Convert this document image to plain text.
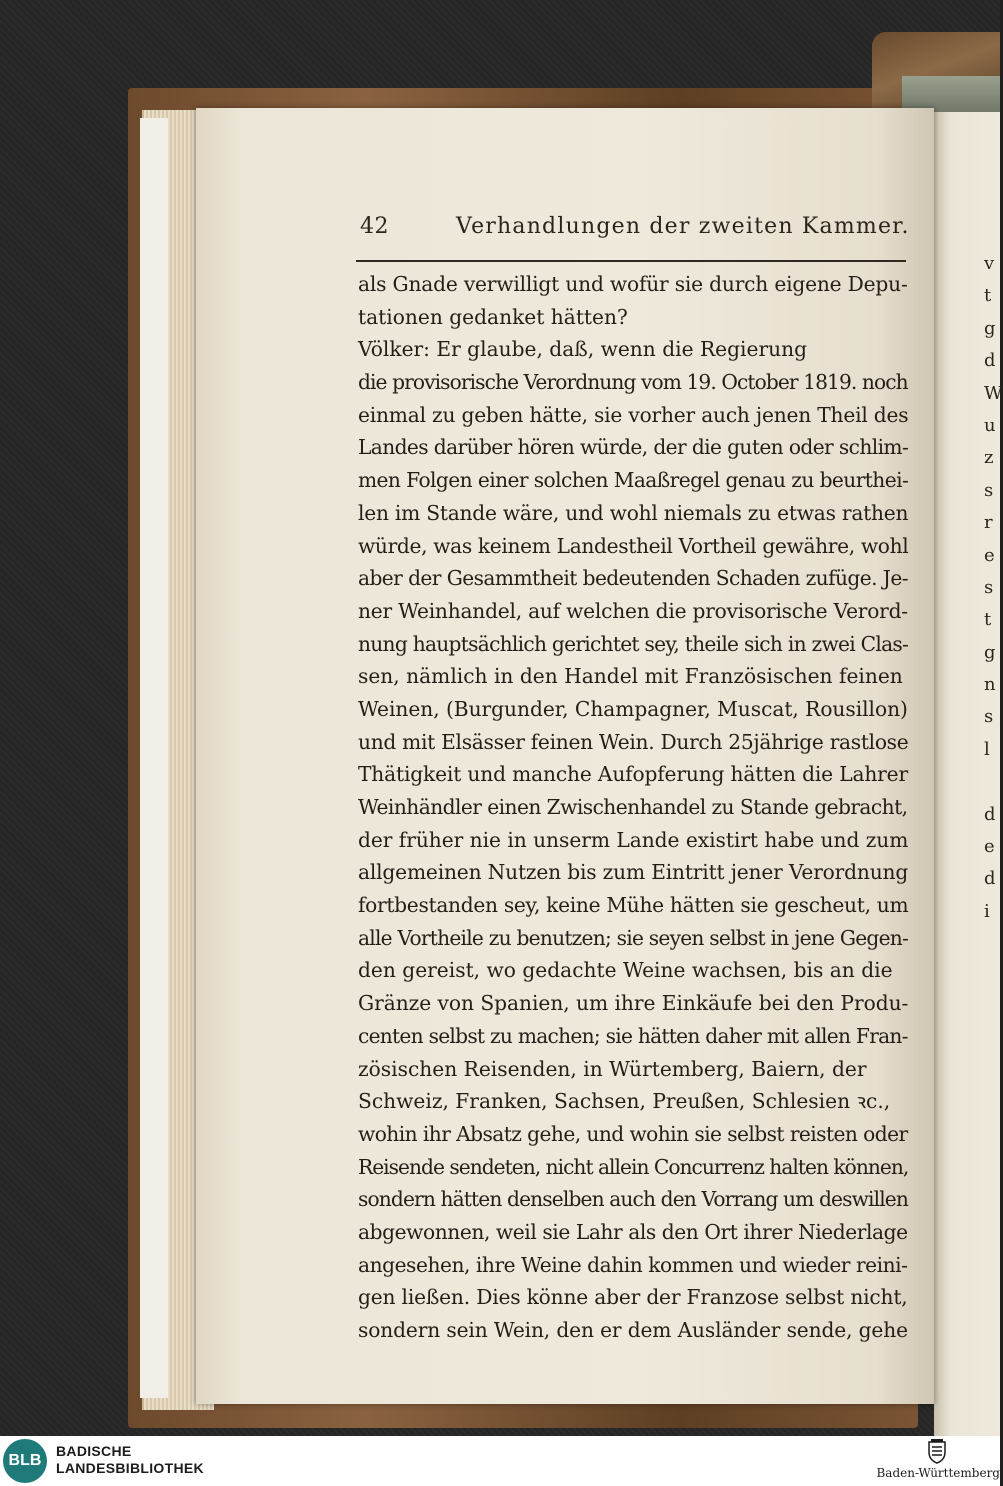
v
t
g
d
W
u
z
s
r
e
s
t
g
n
s
l
d
e
d
i
42	Verhandlungen der zweiten Kammer.
als Gnade verwilligt und wofür sie durch eigene Depu-
tationen gedanket hätten?
Völker: Er glaube, daß, wenn die Regierung
die provisorische Verordnung vom 19. October 1819. noch
einmal zu geben hätte, sie vorher auch jenen Theil des
Landes darüber hören würde, der die guten oder schlim-
men Folgen einer solchen Maaßregel genau zu beurthei-
len im Stande wäre, und wohl niemals zu etwas rathen
würde, was keinem Landestheil Vortheil gewähre, wohl
aber der Gesammtheit bedeutenden Schaden zufüge. Je-
ner Weinhandel, auf welchen die provisorische Verord-
nung hauptsächlich gerichtet sey, theile sich in zwei Clas-
sen, nämlich in den Handel mit Französischen feinen
Weinen, (Burgunder, Champagner, Muscat, Rousillon)
und mit Elsässer feinen Wein. Durch 25jährige rastlose
Thätigkeit und manche Aufopferung hätten die Lahrer
Weinhändler einen Zwischenhandel zu Stande gebracht,
der früher nie in unserm Lande existirt habe und zum
allgemeinen Nutzen bis zum Eintritt jener Verordnung
fortbestanden sey, keine Mühe hätten sie gescheut, um
alle Vortheile zu benutzen; sie seyen selbst in jene Gegen-
den gereist, wo gedachte Weine wachsen, bis an die
Gränze von Spanien, um ihre Einkäufe bei den Produ-
centen selbst zu machen; sie hätten daher mit allen Fran-
zösischen Reisenden, in Würtemberg, Baiern, der
Schweiz, Franken, Sachsen, Preußen, Schlesien ꝛc.,
wohin ihr Absatz gehe, und wohin sie selbst reisten oder
Reisende sendeten, nicht allein Concurrenz halten können,
sondern hätten denselben auch den Vorrang um deswillen
abgewonnen, weil sie Lahr als den Ort ihrer Niederlage
angesehen, ihre Weine dahin kommen und wieder reini-
gen ließen. Dies könne aber der Franzose selbst nicht,
sondern sein Wein, den er dem Ausländer sende, gehe
BLB
BADISCHE
LANDESBIBLIOTHEK	Baden-Württemberg
